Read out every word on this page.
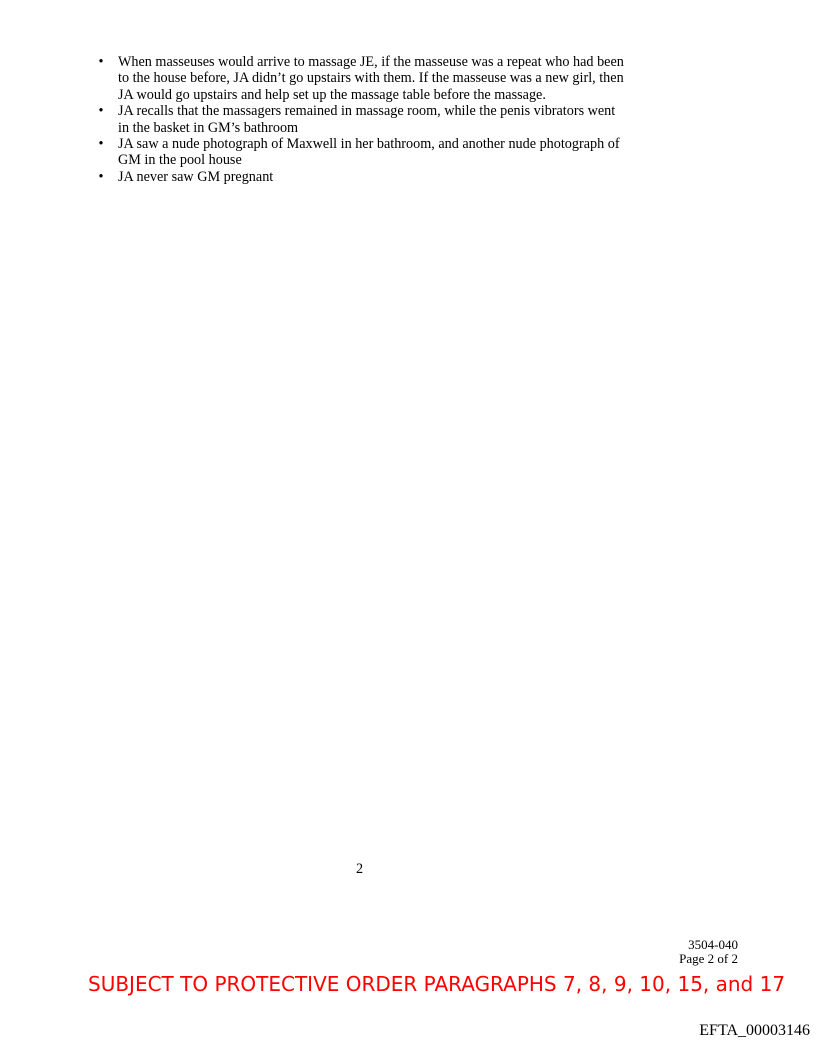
• When masseuses would arrive to massage JE, if the masseuse was a repeat who had been
to the house before, JA didn’t go upstairs with them. If the masseuse was a new girl, then
JA would go upstairs and help set up the massage table before the massage.
• JA recalls that the massagers remained in massage room, while the penis vibrators went
in the basket in GM’s bathroom
• JA saw a nude photograph of Maxwell in her bathroom, and another nude photograph of
GM in the pool house
• JA never saw GM pregnant
2
3504-040
Page 2 of 2
SUBJECT TO PROTECTIVE ORDER PARAGRAPHS 7, 8, 9, 10, 15, and 17
EFTA_00003146
